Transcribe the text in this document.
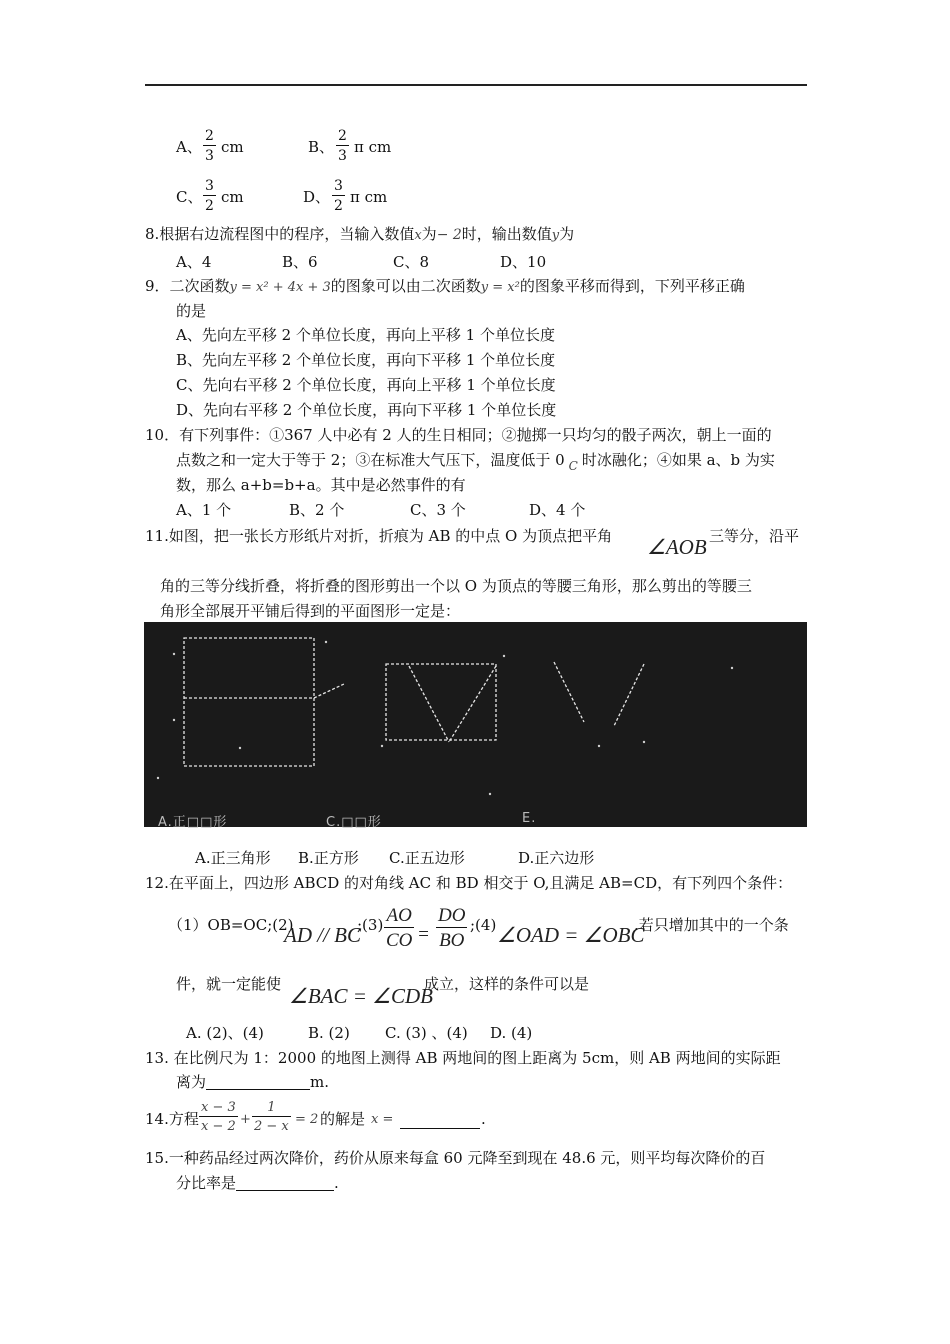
A、 $\frac{2}{3}$ cm	B、 $\frac{2}{3}$ π cm
C、 $\frac{3}{2}$ cm	D、 $\frac{3}{2}$ π cm
8.根据右边流程图中的程序，当输入数值x为− 2时，输出数值y为
A、4	B、6	C、8	D、10
9．二次函数y = x² + 4x + 3的图象可以由二次函数y = x²的图象平移而得到，下列平移正确
的是
A、先向左平移 2 个单位长度，再向上平移 1 个单位长度
B、先向左平移 2 个单位长度，再向下平移 1 个单位长度
C、先向右平移 2 个单位长度，再向上平移 1 个单位长度
D、先向右平移 2 个单位长度，再向下平移 1 个单位长度
10．有下列事件：①367 人中必有 2 人的生日相同；②抛掷一只均匀的骰子两次，朝上一面的
点数之和一定大于等于 2；③在标准大气压下，温度低于 0 $_C$ 时冰融化；④如果 a、b 为实
数，那么 a+b=b+a。其中是必然事件的有
A、1 个	B、2 个	C、3 个	D、4 个
11.如图，把一张长方形纸片对折，折痕为 AB 的中点 O 为顶点把平角 ∠AOB 三等分，沿平
角的三等分线折叠，将折叠的图形剪出一个以 O 为顶点的等腰三角形，那么剪出的等腰三
角形全部展开平铺后得到的平面图形一定是：
A.正□□形	C.□□形	E.
A.正三角形 B.正方形 C.正五边形	D.正六边形
12.在平面上，四边形 ABCD 的对角线 AC 和 BD 相交于 O,且满足 AB=CD，有下列四个条件：
（1）OB=OC;(2)
AD // BC
;(3) $\frac{AO}{CO} = \frac{DO}{BO}$ ;(4) ∠OAD = ∠OBC
.若只增加其中的一个条
件，就一定能使 ∠BAC = ∠CDB
成立，这样的条件可以是
A. (2)、(4)	B. (2) C. (3) 、(4) D. (4)
13. 在比例尺为 1：2000 的地图上测得 AB 两地间的图上距离为 5cm，则 AB 两地间的实际距
离为	m.
14.方程 $\frac{x - 3}{x - 2} + \frac{1}{2 - x} = 2$ 的解是 x =	.
15.一种药品经过两次降价，药价从原来每盒 60 元降至到现在 48.6 元，则平均每次降价的百
分比率是	.
